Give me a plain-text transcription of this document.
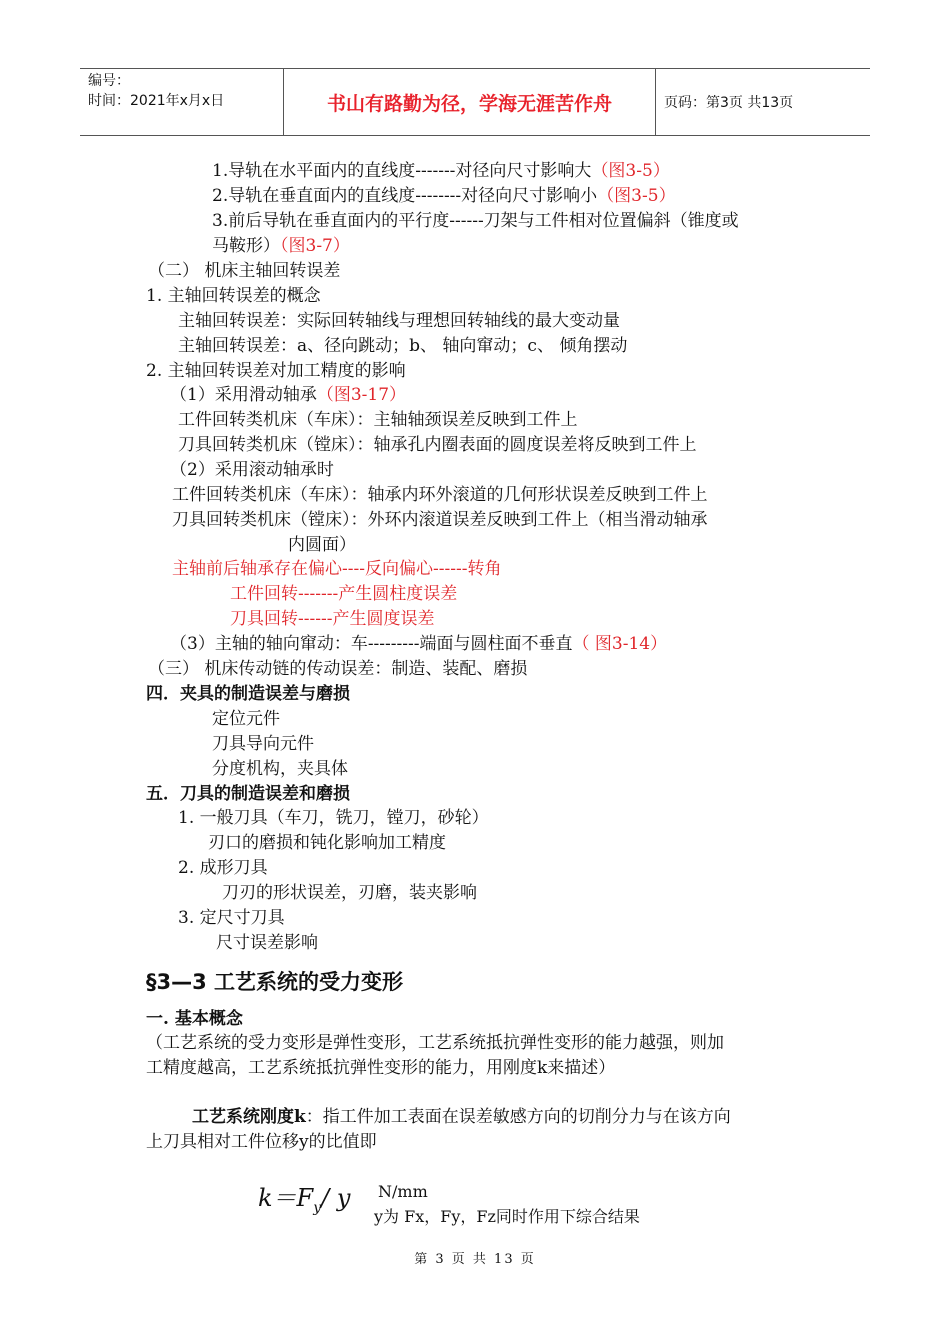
编号：
时间：2021年x月x日	书山有路勤为径，学海无涯苦作舟	页码：第3页 共13页
1.导轨在水平面内的直线度-------对径向尺寸影响大（图3-5）
2.导轨在垂直面内的直线度--------对径向尺寸影响小（图3-5）
3.前后导轨在垂直面内的平行度------刀架与工件相对位置偏斜（锥度或
马鞍形）（图3-7）
（二） 机床主轴回转误差
1. 主轴回转误差的概念
主轴回转误差：实际回转轴线与理想回转轴线的最大变动量
主轴回转误差：a、径向跳动；b、 轴向窜动；c、 倾角摆动
2. 主轴回转误差对加工精度的影响
（1）采用滑动轴承（图3-17）
工件回转类机床（车床）：主轴轴颈误差反映到工件上
刀具回转类机床（镗床）：轴承孔内圈表面的圆度误差将反映到工件上
（2）采用滚动轴承时
工件回转类机床（车床）：轴承内环外滚道的几何形状误差反映到工件上
刀具回转类机床（镗床）：外环内滚道误差反映到工件上（相当滑动轴承
内圆面）
主轴前后轴承存在偏心----反向偏心------转角
工件回转-------产生圆柱度误差
刀具回转------产生圆度误差
（3）主轴的轴向窜动：车---------端面与圆柱面不垂直（ 图3-14）
（三） 机床传动链的传动误差：制造、装配、磨损
四．夹具的制造误差与磨损
定位元件
刀具导向元件
分度机构，夹具体
五．刀具的制造误差和磨损
1. 一般刀具（车刀，铣刀，镗刀，砂轮）
刃口的磨损和钝化影响加工精度
2. 成形刀具
刀刃的形状误差，刃磨，装夹影响
3. 定尺寸刀具
尺寸误差影响
§3—3 工艺系统的受力变形
一. 基本概念
（工艺系统的受力变形是弹性变形，工艺系统抵抗弹性变形的能力越强，则加
工精度越高，工艺系统抵抗弹性变形的能力，用刚度k来描述）
工艺系统刚度k：指工件加工表面在误差敏感方向的切削分力与在该方向
上刀具相对工件位移y的比值即
$k=F_y/$ y N/mm
y为 Fx，Fy，Fz同时作用下综合结果
第 3 页 共 13 页
